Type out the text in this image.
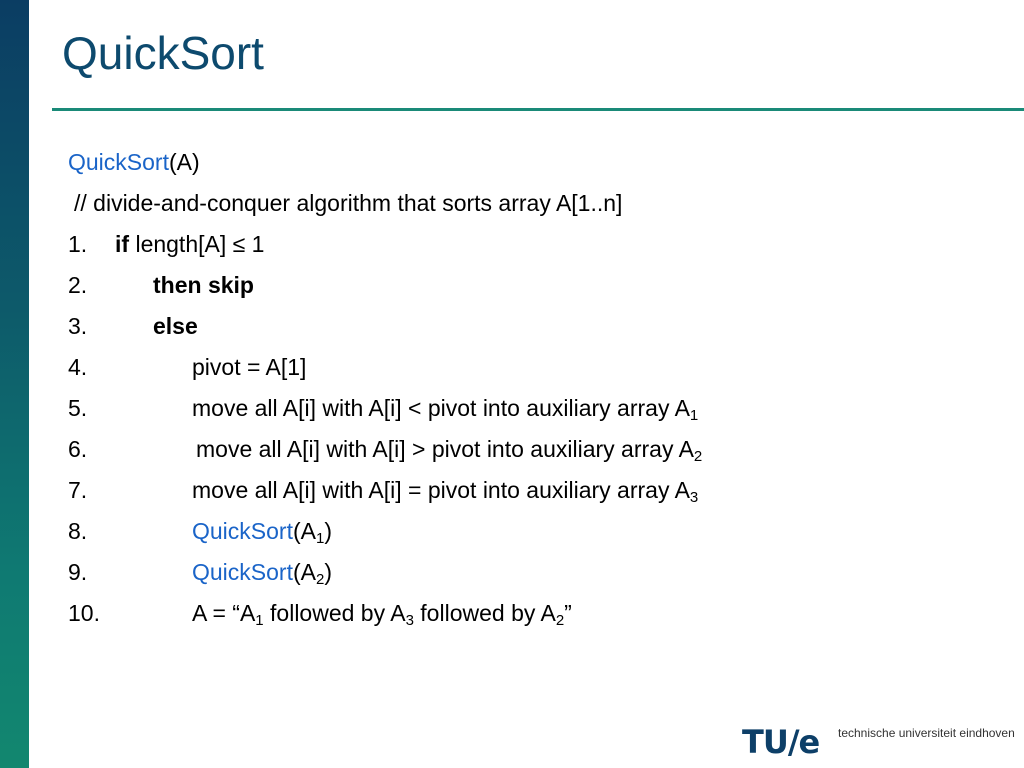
QuickSort
QuickSort(A)
// divide-and-conquer algorithm that sorts array A[1..n]
1. if length[A] ≤ 1
2.	then skip
3.	else
4.	pivot = A[1]
5.	move all A[i] with A[i] < pivot into auxiliary array $A_1$
6.	move all A[i] with A[i] > pivot into auxiliary array $A_2$
7.	move all A[i] with A[i] = pivot into auxiliary array $A_3$
8.	$QuickSort(A_1)$
9.	$QuickSort(A_2)$
10.	$A = “A_1$ followed by $A_3$ followed by $A_2$”
TU/e technische universiteit eindhoven
